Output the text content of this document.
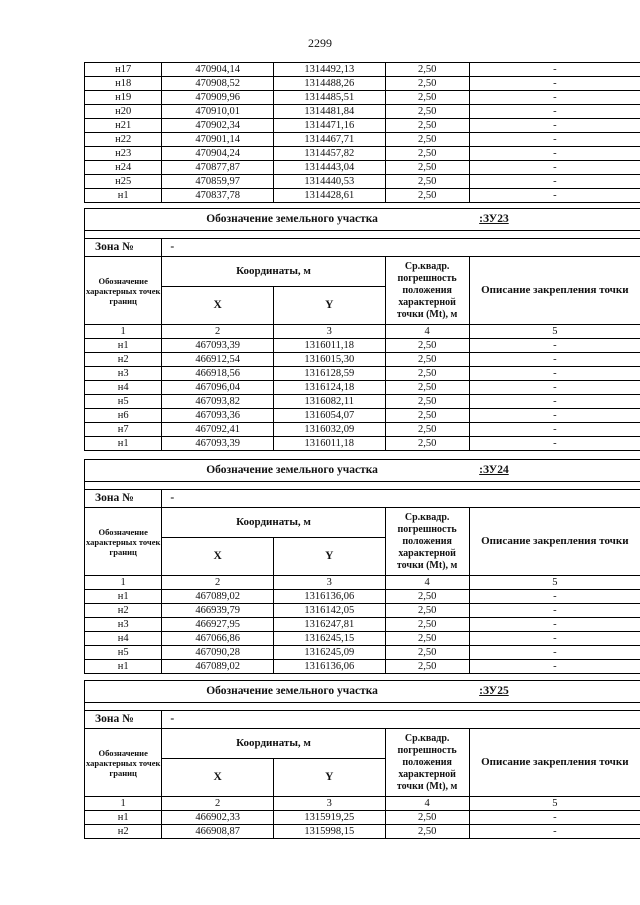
2299
н17	470904,14	1314492,13	2,50	-
н18	470908,52	1314488,26	2,50	-
н19	470909,96	1314485,51	2,50	-
н20	470910,01	1314481,84	2,50	-
н21	470902,34	1314471,16	2,50	-
н22	470901,14	1314467,71	2,50	-
н23	470904,24	1314457,82	2,50	-
н24	470877,87	1314443,04	2,50	-
н25	470859,97	1314440,53	2,50	-
н1	470837,78	1314428,61	2,50	-
Обозначение земельного участка				:ЗУ23

Зона №	-			
Обозначение характерных точек границ	Координаты, м		Ср.квадр. погрешность положения характерной точки (Mt), м	Описание закрепления точки
	X	Y		
1	2	3	4	5
н1	467093,39	1316011,18	2,50	-
н2	466912,54	1316015,30	2,50	-
н3	466918,56	1316128,59	2,50	-
н4	467096,04	1316124,18	2,50	-
н5	467093,82	1316082,11	2,50	-
н6	467093,36	1316054,07	2,50	-
н7	467092,41	1316032,09	2,50	-
н1	467093,39	1316011,18	2,50	-
Обозначение земельного участка				:ЗУ24

Зона №	-			
Обозначение характерных точек границ	Координаты, м		Ср.квадр. погрешность положения характерной точки (Mt), м	Описание закрепления точки
	X	Y		
1	2	3	4	5
н1	467089,02	1316136,06	2,50	-
н2	466939,79	1316142,05	2,50	-
н3	466927,95	1316247,81	2,50	-
н4	467066,86	1316245,15	2,50	-
н5	467090,28	1316245,09	2,50	-
н1	467089,02	1316136,06	2,50	-
Обозначение земельного участка				:ЗУ25

Зона №	-			
Обозначение характерных точек границ	Координаты, м		Ср.квадр. погрешность положения характерной точки (Mt), м	Описание закрепления точки
	X	Y		
1	2	3	4	5
н1	466902,33	1315919,25	2,50	-
н2	466908,87	1315998,15	2,50	-
